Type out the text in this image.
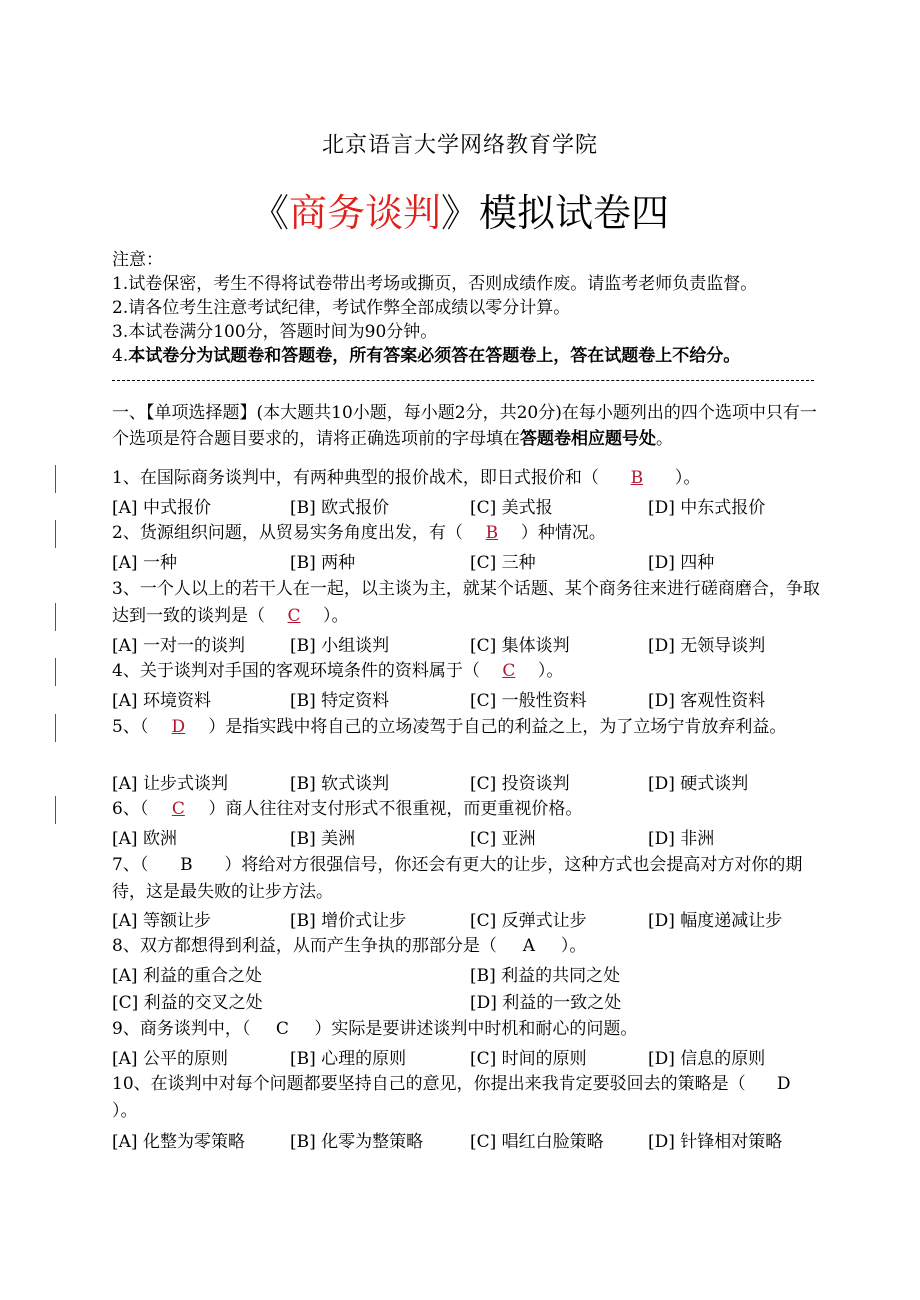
北京语言大学网络教育学院
《商务谈判》模拟试卷四
注意：
1.试卷保密，考生不得将试卷带出考场或撕页，否则成绩作废。请监考老师负责监督。
2.请各位考生注意考试纪律，考试作弊全部成绩以零分计算。
3.本试卷满分100分，答题时间为90分钟。
4.本试卷分为试题卷和答题卷，所有答案必须答在答题卷上，答在试题卷上不给分。
一、【单项选择题】(本大题共10小题，每小题2分，共20分)在每小题列出的四个选项中只有一个选项是符合题目要求的，请将正确选项前的字母填在答题卷相应题号处。
1、在国际商务谈判中，有两种典型的报价战术，即日式报价和（ B ）。
[A] 中式报价	[B] 欧式报价	[C] 美式报	[D] 中东式报价
2、货源组织问题，从贸易实务角度出发，有（ B ）种情况。
[A] 一种	[B] 两种	[C] 三种	[D] 四种
3、一个人以上的若干人在一起，以主谈为主，就某个话题、某个商务往来进行磋商磨合，争取达到一致的谈判是（ C ）。
[A] 一对一的谈判	[B] 小组谈判	[C] 集体谈判	[D] 无领导谈判
4、关于谈判对手国的客观环境条件的资料属于（ C ）。
[A] 环境资料	[B] 特定资料	[C] 一般性资料	[D] 客观性资料
5、（ D ）是指实践中将自己的立场凌驾于自己的利益之上，为了立场宁肯放弃利益。
[A] 让步式谈判	[B] 软式谈判	[C] 投资谈判	[D] 硬式谈判
6、（ C ）商人往往对支付形式不很重视，而更重视价格。
[A] 欧洲	[B] 美洲	[C] 亚洲	[D] 非洲
7、（ B ）将给对方很强信号，你还会有更大的让步，这种方式也会提高对方对你的期待，这是最失败的让步方法。
[A] 等额让步	[B] 增价式让步	[C] 反弹式让步	[D] 幅度递减让步
8、双方都想得到利益，从而产生争执的那部分是（ A ）。
[A] 利益的重合之处	[B] 利益的共同之处
[C] 利益的交叉之处	[D] 利益的一致之处
9、商务谈判中，（ C ）实际是要讲述谈判中时机和耐心的问题。
[A] 公平的原则	[B] 心理的原则	[C] 时间的原则	[D] 信息的原则
10、在谈判中对每个问题都要坚持自己的意见，你提出来我肯定要驳回去的策略是（ D）。
[A] 化整为零策略	[B] 化零为整策略	[C] 唱红白脸策略	[D] 针锋相对策略
